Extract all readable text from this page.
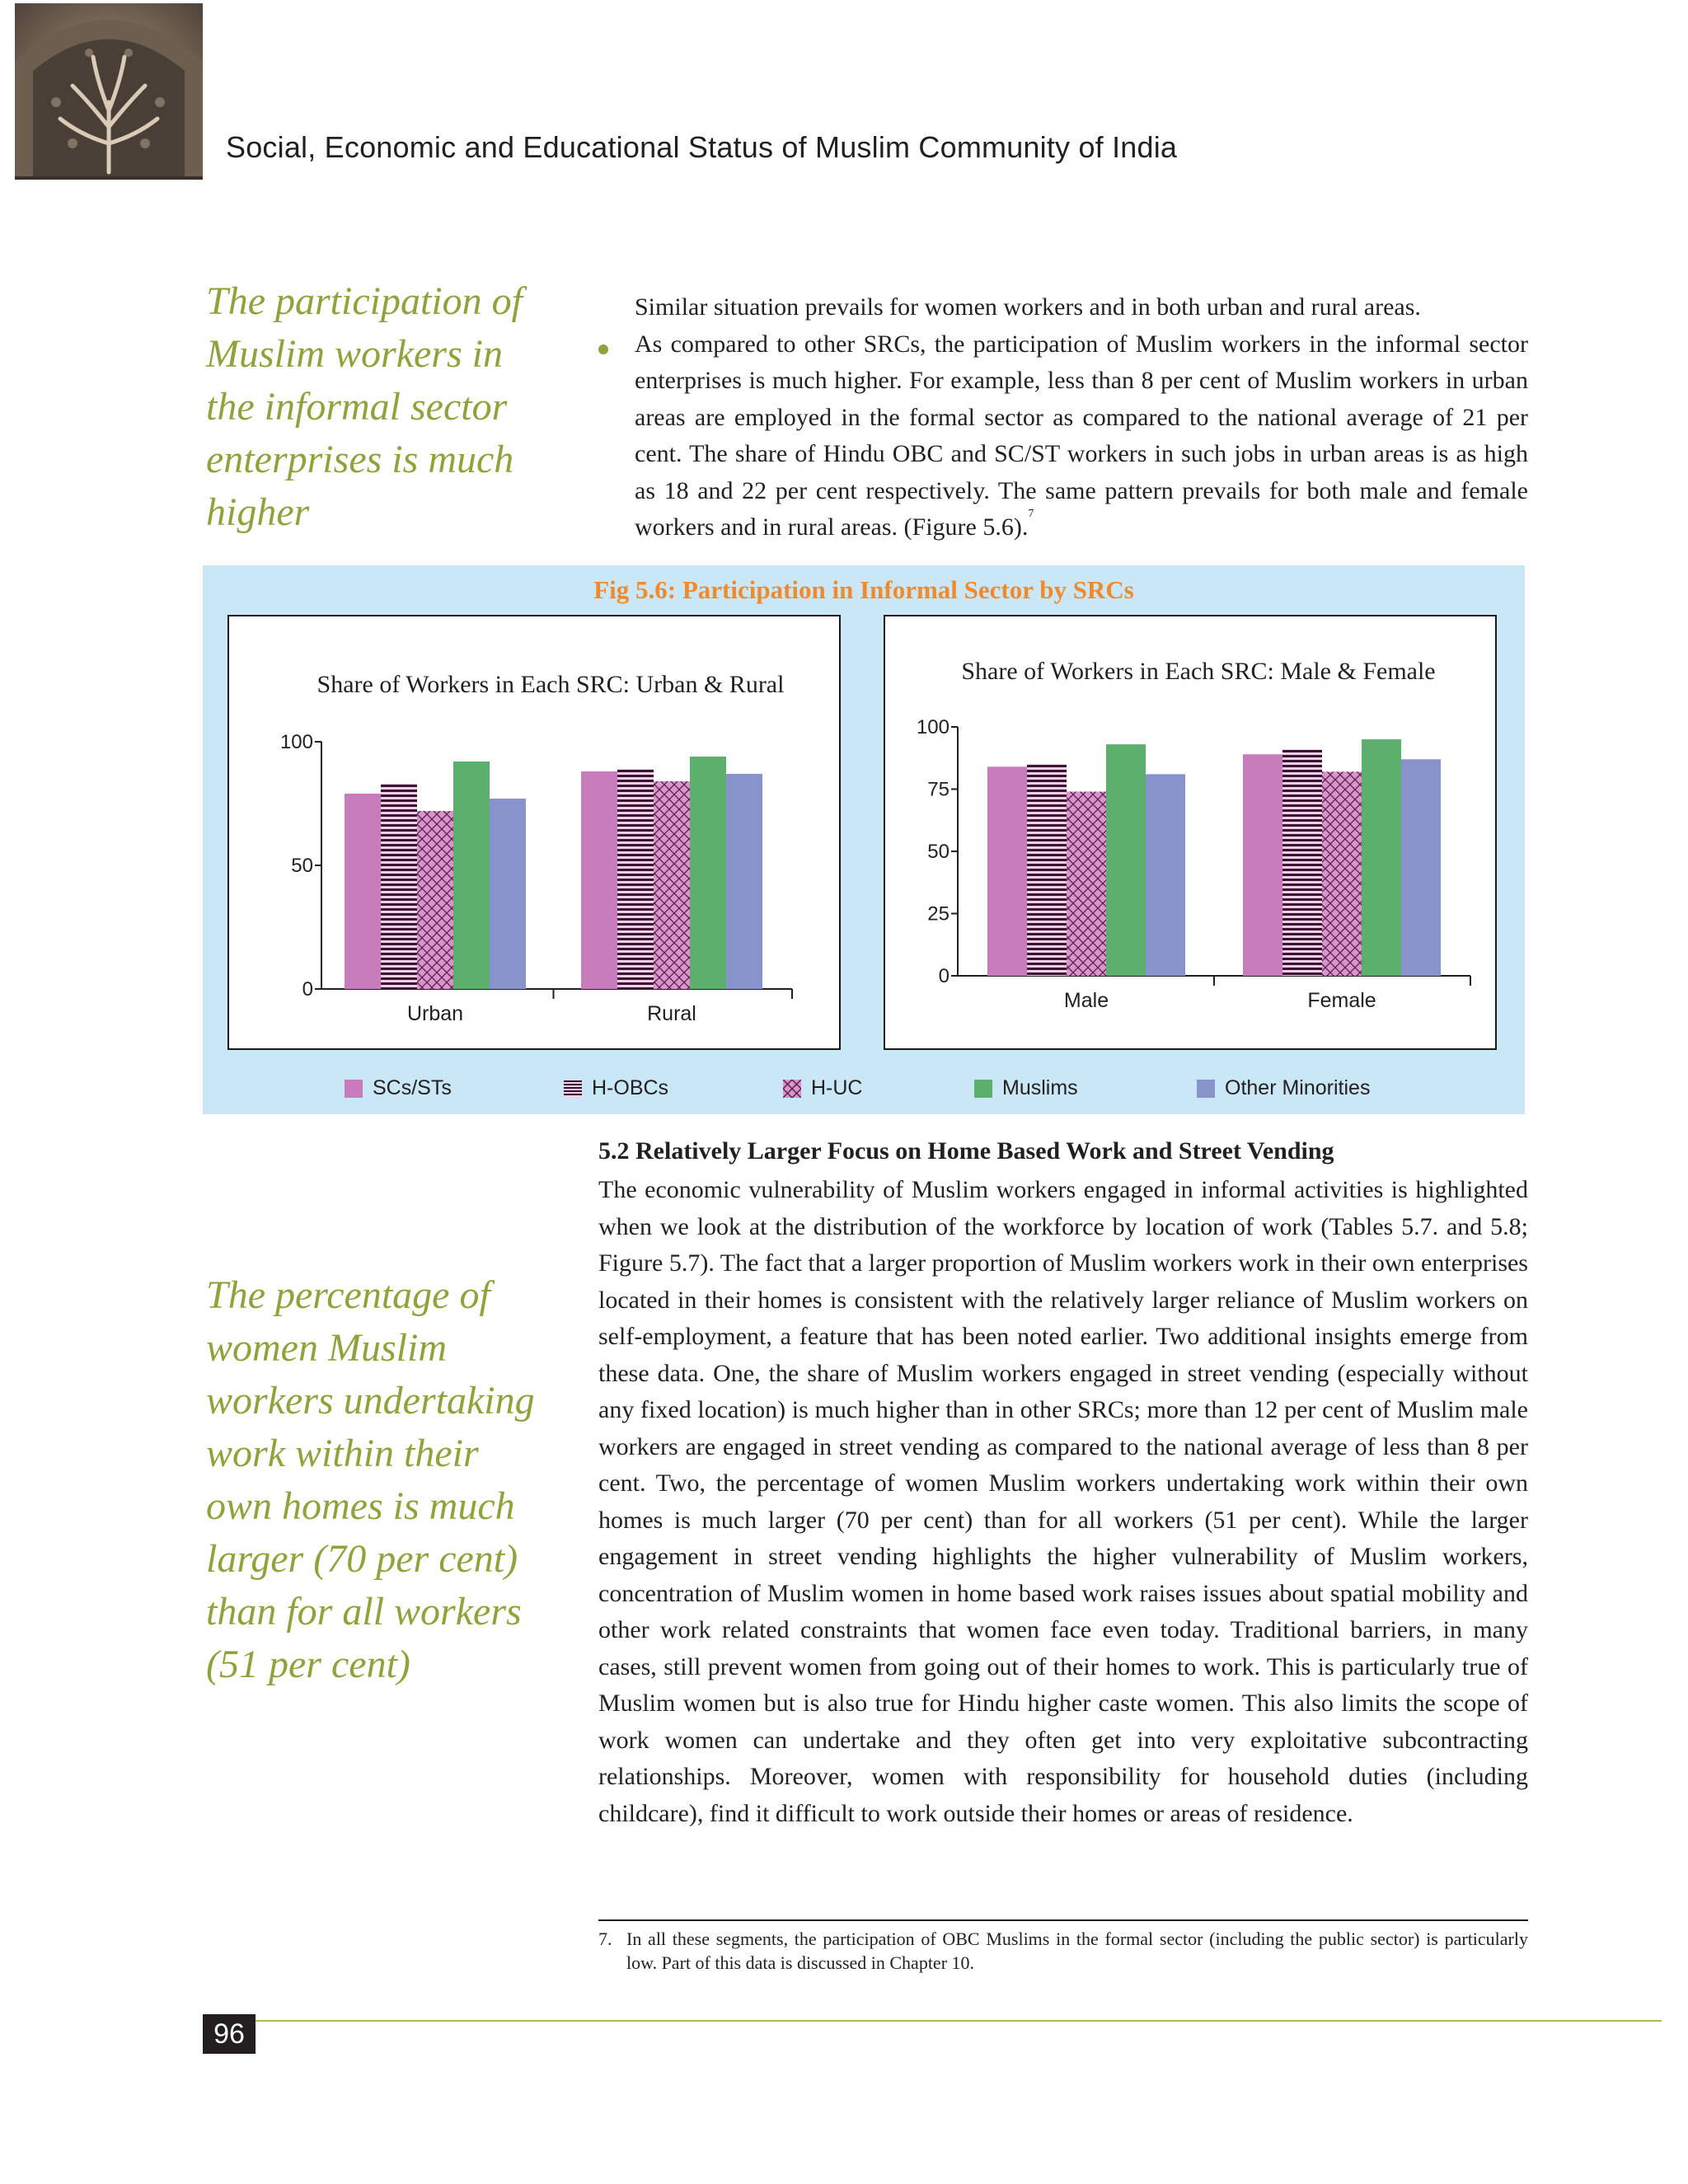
Social, Economic and Educational Status of Muslim Community of India

The participation of Muslim workers in the informal sector enterprises is much higher

The percentage of women Muslim workers undertaking work within their own homes is much larger (70 per cent) than for all workers (51 per cent)

Similar situation prevails for women workers and in both urban and rural areas.

As compared to other SRCs, the participation of Muslim workers in the informal sector enterprises is much higher. For example, less than 8 per cent of Muslim workers in urban areas are employed in the formal sector as compared to the national average of 21 per cent. The share of Hindu OBC and SC/ST workers in such jobs in urban areas is as high as 18 and 22 per cent respectively. The same pattern prevails for both male and female workers and in rural areas. (Figure 5.6).$^7$

Fig 5.6: Participation in Informal Sector by SRCs
Share of Workers in Each SRC: Urban & Rural
0
50
100
Urban	Rural
Share of Workers in Each SRC: Male & Female
0
25
50
75
100
Male	Female
SCs/STs	H-OBCs	H-UC	Muslims	Other Minorities
5.2 Relatively Larger Focus on Home Based Work and Street Vending

The economic vulnerability of Muslim workers engaged in informal activities is highlighted when we look at the distribution of the workforce by location of work (Tables 5.7. and 5.8; Figure 5.7). The fact that a larger proportion of Muslim workers work in their own enterprises located in their homes is consistent with the relatively larger reliance of Muslim workers on self-employment, a feature that has been noted earlier. Two additional insights emerge from these data. One, the share of Muslim workers engaged in street vending (especially without any fixed location) is much higher than in other SRCs; more than 12 per cent of Muslim male workers are engaged in street vending as compared to the national average of less than 8 per cent. Two, the percentage of women Muslim workers undertaking work within their own homes is much larger (70 per cent) than for all workers (51 per cent). While the larger engagement in street vending highlights the higher vulnerability of Muslim workers, concentration of Muslim women in home based work raises issues about spatial mobility and other work related constraints that women face even today. Traditional barriers, in many cases, still prevent women from going out of their homes to work. This is particularly true of Muslim women but is also true for Hindu higher caste women. This also limits the scope of work women can undertake and they often get into very exploitative subcontracting relationships. Moreover, women with responsibility for household duties (including childcare), find it difficult to work outside their homes or areas of residence.

7. In all these segments, the participation of OBC Muslims in the formal sector (including the public sector) is particularly low. Part of this data is discussed in Chapter 10.
96
